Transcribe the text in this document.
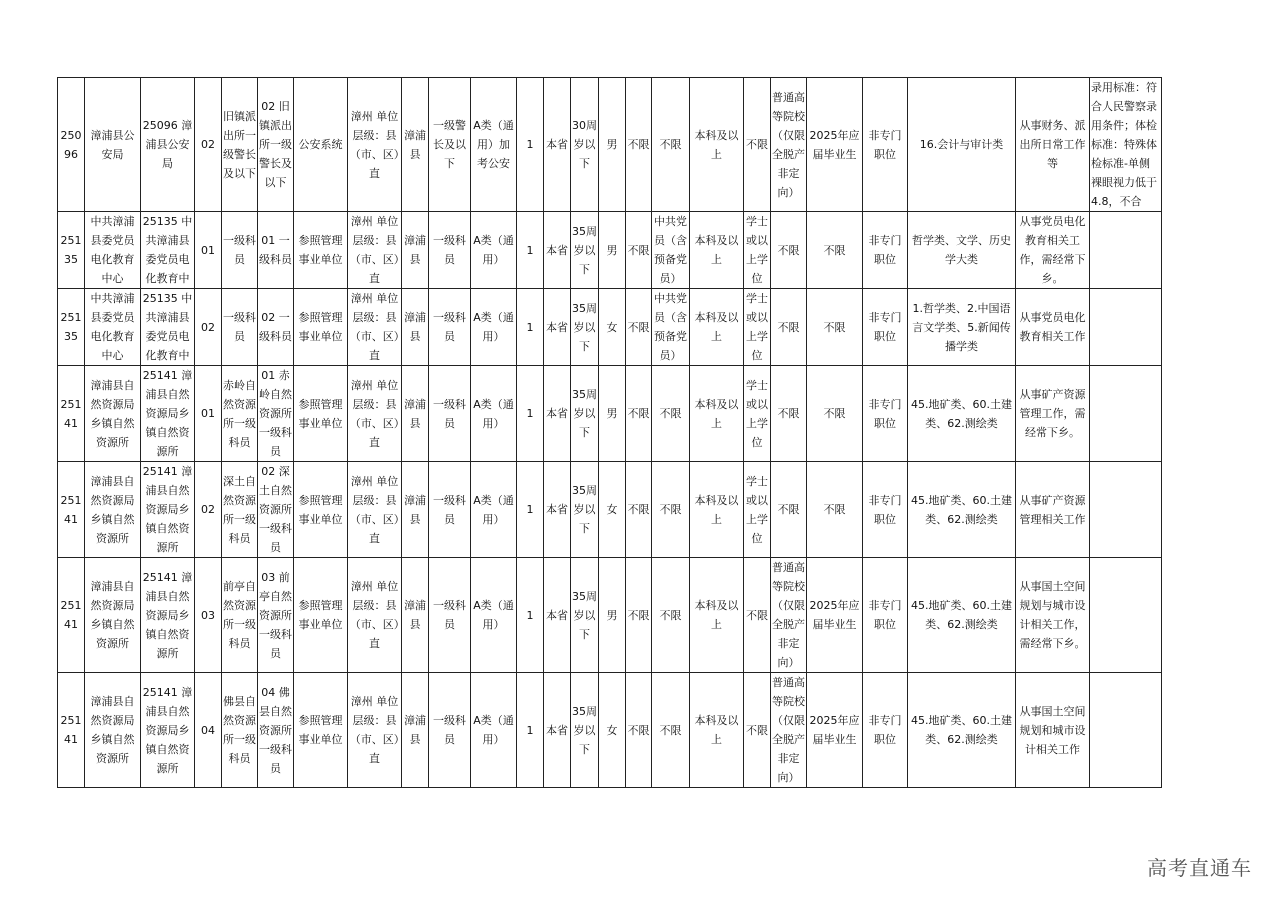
25096	漳浦县公安局	25096 漳浦县公安局	02	旧镇派出所一级警长及以下	02 旧镇派出所一级警长及以下	公安系统	漳州 单位层级：县（市、区）直	漳浦县	一级警长及以下	A类（通用）加考公安	1	本省	30周岁以下	男	不限	不限	本科及以上	不限	普通高等院校（仅限全脱产非定向）	2025年应届毕业生	非专门职位	16.会计与审计类	从事财务、派出所日常工作等	录用标准：符合人民警察录用条件；体检标准：特殊体检标准-单侧裸眼视力低于4.8，不合
25135	中共漳浦县委党员电化教育中心	25135 中共漳浦县委党员电化教育中	01	一级科员	01 一级科员	参照管理事业单位	漳州 单位层级：县（市、区）直	漳浦县	一级科员	A类（通用）	1	本省	35周岁以下	男	不限	中共党员（含预备党员）	本科及以上	学士或以上学位	不限	不限	非专门职位	哲学类、文学、历史学大类	从事党员电化教育相关工作，需经常下乡。	
25135	中共漳浦县委党员电化教育中心	25135 中共漳浦县委党员电化教育中	02	一级科员	02 一级科员	参照管理事业单位	漳州 单位层级：县（市、区）直	漳浦县	一级科员	A类（通用）	1	本省	35周岁以下	女	不限	中共党员（含预备党员）	本科及以上	学士或以上学位	不限	不限	非专门职位	1.哲学类、2.中国语言文学类、5.新闻传播学类	从事党员电化教育相关工作	
25141	漳浦县自然资源局乡镇自然资源所	25141 漳浦县自然资源局乡镇自然资源所	01	赤岭自然资源所一级科员	01 赤岭自然资源所一级科员	参照管理事业单位	漳州 单位层级：县（市、区）直	漳浦县	一级科员	A类（通用）	1	本省	35周岁以下	男	不限	不限	本科及以上	学士或以上学位	不限	不限	非专门职位	45.地矿类、60.土建类、62.测绘类	从事矿产资源管理工作，需经常下乡。	
25141	漳浦县自然资源局乡镇自然资源所	25141 漳浦县自然资源局乡镇自然资源所	02	深土自然资源所一级科员	02 深土自然资源所一级科员	参照管理事业单位	漳州 单位层级：县（市、区）直	漳浦县	一级科员	A类（通用）	1	本省	35周岁以下	女	不限	不限	本科及以上	学士或以上学位	不限	不限	非专门职位	45.地矿类、60.土建类、62.测绘类	从事矿产资源管理相关工作	
25141	漳浦县自然资源局乡镇自然资源所	25141 漳浦县自然资源局乡镇自然资源所	03	前亭自然资源所一级科员	03 前亭自然资源所一级科员	参照管理事业单位	漳州 单位层级：县（市、区）直	漳浦县	一级科员	A类（通用）	1	本省	35周岁以下	男	不限	不限	本科及以上	不限	普通高等院校（仅限全脱产非定向）	2025年应届毕业生	非专门职位	45.地矿类、60.土建类、62.测绘类	从事国土空间规划与城市设计相关工作，需经常下乡。	
25141	漳浦县自然资源局乡镇自然资源所	25141 漳浦县自然资源局乡镇自然资源所	04	佛昙自然资源所一级科员	04 佛昙自然资源所一级科员	参照管理事业单位	漳州 单位层级：县（市、区）直	漳浦县	一级科员	A类（通用）	1	本省	35周岁以下	女	不限	不限	本科及以上	不限	普通高等院校（仅限全脱产非定向）	2025年应届毕业生	非专门职位	45.地矿类、60.土建类、62.测绘类	从事国土空间规划和城市设计相关工作	
高考直通车
